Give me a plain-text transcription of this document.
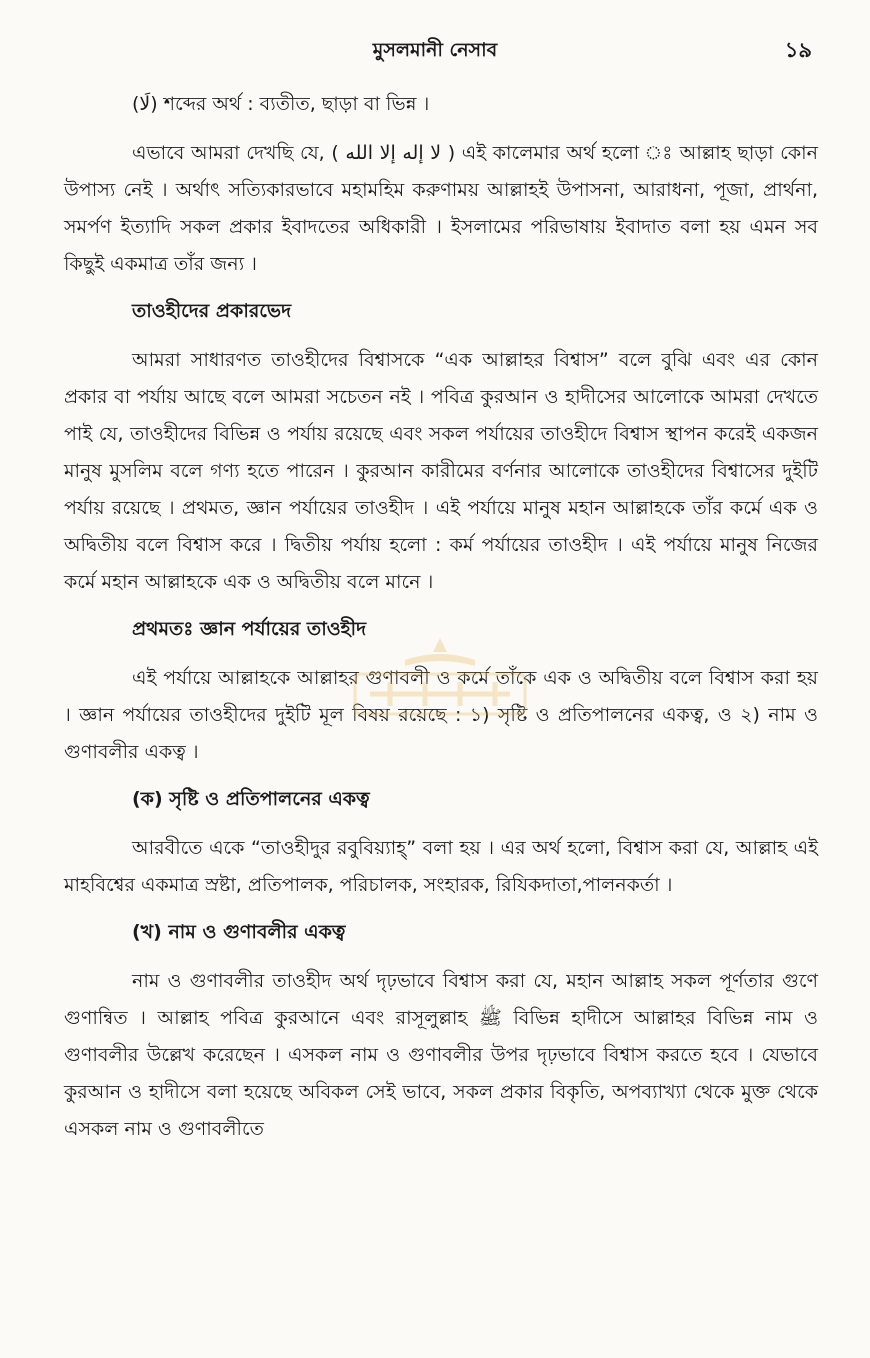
মুসলমানী নেসাব	১৯

(لَا) শব্দের অর্থ : ব্যতীত, ছাড়া বা ভিন্ন ।

এভাবে আমরা দেখছি যে, ( لا إله إلا الله ) এই কালেমার অর্থ হলো ঃ আল্লাহ ছাড়া কোন উপাস্য নেই । অর্থাৎ সত্যিকারভাবে মহামহিম করুণাময় আল্লাহই উপাসনা, আরাধনা, পূজা, প্রার্থনা, সমর্পণ ইত্যাদি সকল প্রকার ইবাদতের অধিকারী । ইসলামের পরিভাষায় ইবাদাত বলা হয় এমন সব কিছুই একমাত্র তাঁর জন্য ।

তাওহীদের প্রকারভেদ

আমরা সাধারণত তাওহীদের বিশ্বাসকে “এক আল্লাহর বিশ্বাস” বলে বুঝি এবং এর কোন প্রকার বা পর্যায় আছে বলে আমরা সচেতন নই । পবিত্র কুরআন ও হাদীসের আলোকে আমরা দেখতে পাই যে, তাওহীদের বিভিন্ন ও পর্যায় রয়েছে এবং সকল পর্যায়ের তাওহীদে বিশ্বাস স্থাপন করেই একজন মানুষ মুসলিম বলে গণ্য হতে পারেন । কুরআন কারীমের বর্ণনার আলোকে তাওহীদের বিশ্বাসের দুইটি পর্যায় রয়েছে । প্রথমত, জ্ঞান পর্যায়ের তাওহীদ । এই পর্যায়ে মানুষ মহান আল্লাহকে তাঁর কর্মে এক ও অদ্বিতীয় বলে বিশ্বাস করে । দ্বিতীয় পর্যায় হলো : কর্ম পর্যায়ের তাওহীদ । এই পর্যায়ে মানুষ নিজের কর্মে মহান আল্লাহকে এক ও অদ্বিতীয় বলে মানে ।

প্রথমতঃ জ্ঞান পর্যায়ের তাওহীদ

এই পর্যায়ে আল্লাহকে আল্লাহর গুণাবলী ও কর্মে তাঁকে এক ও অদ্বিতীয় বলে বিশ্বাস করা হয় । জ্ঞান পর্যায়ের তাওহীদের দুইটি মূল বিষয় রয়েছে : ১) সৃষ্টি ও প্রতিপালনের একত্ব, ও ২) নাম ও গুণাবলীর একত্ব ।

(ক) সৃষ্টি ও প্রতিপালনের একত্ব

আরবীতে একে “তাওহীদুর রবুবিয়্যাহ্” বলা হয় । এর অর্থ হলো, বিশ্বাস করা যে, আল্লাহ এই মাহবিশ্বের একমাত্র স্রষ্টা, প্রতিপালক, পরিচালক, সংহারক, রিযিকদাতা,পালনকর্তা ।

(খ) নাম ও গুণাবলীর একত্ব

নাম ও গুণাবলীর তাওহীদ অর্থ দৃঢ়ভাবে বিশ্বাস করা যে, মহান আল্লাহ সকল পূর্ণতার গুণে গুণান্বিত । আল্লাহ পবিত্র কুরআনে এবং রাসূলুল্লাহ ﷺ বিভিন্ন হাদীসে আল্লাহর বিভিন্ন নাম ও গুণাবলীর উল্লেখ করেছেন । এসকল নাম ও গুণাবলীর উপর দৃঢ়ভাবে বিশ্বাস করতে হবে । যেভাবে কুরআন ও হাদীসে বলা হয়েছে অবিকল সেই ভাবে, সকল প্রকার বিকৃতি, অপব্যাখ্যা থেকে মুক্ত থেকে এসকল নাম ও গুণাবলীতে
